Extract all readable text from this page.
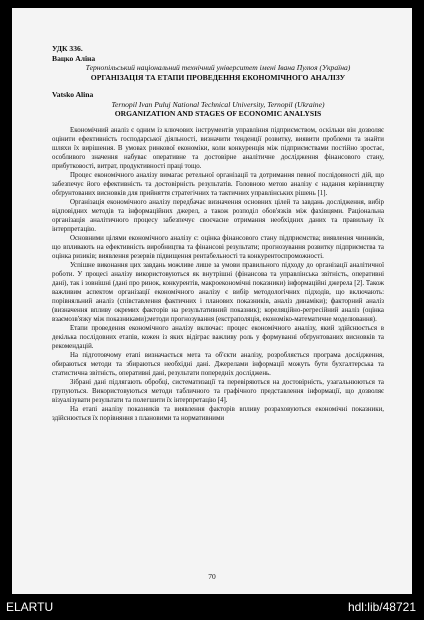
УДК 336.

Вацко Аліна

Тернопільський національний технічний університет імені Івана Пулюя (Україна)

ОРГАНІЗАЦІЯ ТА ЕТАПИ ПРОВЕДЕННЯ ЕКОНОМІЧНОГО АНАЛІЗУ

Vatsko Alina

Ternopil Ivan Puluj National Technical University, Ternopil (Ukraine)

ORGANIZATION AND STAGES OF ECONOMIC ANALYSIS

Економічний аналіз є одним із ключових інструментів управління підприємством, оскільки він дозволяє оцінити ефективність господарської діяльності, визначити тенденції розвитку, виявити проблеми та знайти шляхи їх вирішення. В умовах ринкової економіки, коли конкуренція між підприємствами постійно зростає, особливого значення набуває оперативне та достовірне аналітичне дослідження фінансового стану, прибутковості, витрат, продуктивності праці тощо.

Процес економічного аналізу вимагає ретельної організації та дотримання певної послідовності дій, що забезпечує його ефективність та достовірність результатів. Головною метою аналізу є надання керівництву обґрунтованих висновків для прийняття стратегічних та тактичних управлінських рішень [1].

Організація економічного аналізу передбачає визначення основних цілей та завдань дослідження, вибір відповідних методів та інформаційних джерел, а також розподіл обов'язків між фахівцями. Раціональна організація аналітичного процесу забезпечує своєчасне отримання необхідних даних та правильну їх інтерпретацію.

Основними цілями економічного аналізу є: оцінка фінансового стану підприємства; виявлення чинників, що впливають на ефективність виробництва та фінансові результати; прогнозування розвитку підприємства та оцінка ризиків; виявлення резервів підвищення рентабельності та конкурентоспроможності.

Успішне виконання цих завдань можливе лише за умови правильного підходу до організації аналітичної роботи. У процесі аналізу використовуються як внутрішні (фінансова та управлінська звітність, оперативні дані), так і зовнішні (дані про ринок, конкурентів, макроекономічні показники) інформаційні джерела [2]. Також важливим аспектом організації економічного аналізу є вибір методологічних підходів, що включають: порівняльний аналіз (співставлення фактичних і планових показників, аналіз динаміки); факторний аналіз (визначення впливу окремих факторів на результативний показник); кореляційно-регресійний аналіз (оцінка взаємозв'язку між показниками);методи прогнозування (екстраполяція, економіко-математичне моделювання).

Етапи проведення економічного аналізу включає: процес економічного аналізу, який здійснюється в декілька послідовних етапів, кожен із яких відіграє важливу роль у формуванні обґрунтованих висновків та рекомендацій.

На підготовчому етапі визначається мета та об'єкти аналізу, розробляється програма дослідження, обираються методи та збираються необхідні дані. Джерелами інформації можуть бути бухгалтерська та статистична звітність, оперативні дані, результати попередніх досліджень.

Зібрані дані підлягають обробці, систематизації та перевіряються на достовірність, узагальнюються та групуються. Використовуються методи табличного та графічного представлення інформації, що дозволяє візуалізувати результати та полегшити їх інтерпретацію [4].

На етапі аналізу показників та виявлення факторів впливу розраховуються економічні показники, здійснюється їх порівняння з плановими та нормативними

70
ELARTU	hdl:lib/48721
